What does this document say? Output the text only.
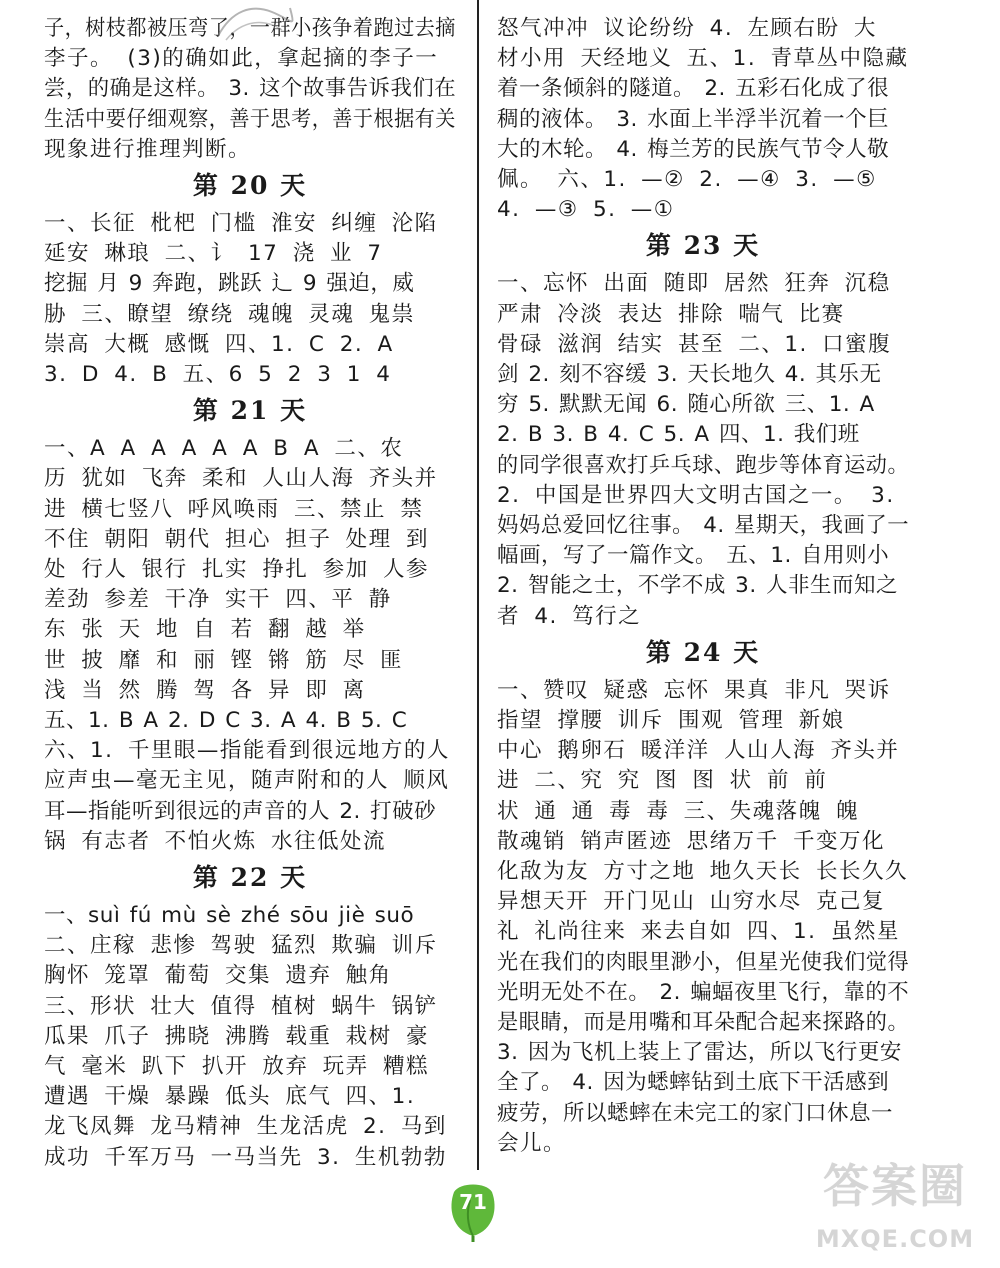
子，树枝都被压弯了，一群小孩争着跑过去摘
李子。 (3)的确如此，拿起摘的李子一
尝，的确是这样。 3. 这个故事告诉我们在
生活中要仔细观察，善于思考，善于根据有关
现象进行推理判断。
第 20 天
一、长征 枇杷 门槛 淮安 纠缠 沦陷
延安 琳琅 二、讠 17 浇 业 7
挖掘 月 9 奔跑，跳跃 辶 9 强迫，威
胁 三、瞭望 缭绕 魂魄 灵魂 鬼祟
崇高 大概 感慨 四、1. C 2. A
3. D 4. B 五、6 5 2 3 1 4
第 21 天
一、A A A A A A B A 二、农
历 犹如 飞奔 柔和 人山人海 齐头并
进 横七竖八 呼风唤雨 三、禁止 禁
不住 朝阳 朝代 担心 担子 处理 到
处 行人 银行 扎实 挣扎 参加 人参
差劲 参差 干净 实干 四、平 静
东 张 天 地 自 若 翻 越 举
世 披 靡 和 丽 铿 锵 筋 尽 匪
浅 当 然 腾 驾 各 异 即 离
五、1. B A 2. D C 3. A 4. B 5. C
六、1. 千里眼—指能看到很远地方的人
应声虫—毫无主见，随声附和的人 顺风
耳—指能听到很远的声音的人 2. 打破砂
锅 有志者 不怕火炼 水往低处流
第 22 天
一、suì fú mù sè zhé sōu jiè suō
二、庄稼 悲惨 驾驶 猛烈 欺骗 训斥
胸怀 笼罩 葡萄 交集 遗弃 触角
三、形状 壮大 值得 植树 蜗牛 锅铲
瓜果 爪子 拂晓 沸腾 载重 栽树 豪
气 毫米 趴下 扒开 放弃 玩弄 糟糕
遭遇 干燥 暴躁 低头 底气 四、1.
龙飞凤舞 龙马精神 生龙活虎 2. 马到
成功 千军万马 一马当先 3. 生机勃勃
怒气冲冲 议论纷纷 4. 左顾右盼 大
材小用 天经地义 五、1. 青草丛中隐藏
着一条倾斜的隧道。 2. 五彩石化成了很
稠的液体。 3. 水面上半浮半沉着一个巨
大的木轮。 4. 梅兰芳的民族气节令人敬
佩。 六、1. —② 2. —④ 3. —⑤
4. —③ 5. —①
第 23 天
一、忘怀 出面 随即 居然 狂奔 沉稳
严肃 冷淡 表达 排除 喘气 比赛
骨碌 滋润 结实 甚至 二、1. 口蜜腹
剑 2. 刻不容缓 3. 天长地久 4. 其乐无
穷 5. 默默无闻 6. 随心所欲 三、1. A
2. B 3. B 4. C 5. A 四、1. 我们班
的同学很喜欢打乒乓球、跑步等体育运动。
2. 中国是世界四大文明古国之一。 3.
妈妈总爱回忆往事。 4. 星期天，我画了一
幅画，写了一篇作文。 五、1. 自用则小
2. 智能之士，不学不成 3. 人非生而知之
者 4. 笃行之
第 24 天
一、赞叹 疑惑 忘怀 果真 非凡 哭诉
指望 撑腰 训斥 围观 管理 新娘
中心 鹅卵石 暖洋洋 人山人海 齐头并
进 二、究 究 图 图 状 前 前
状 通 通 毒 毒 三、失魂落魄 魄
散魂销 销声匿迹 思绪万千 千变万化
化敌为友 方寸之地 地久天长 长长久久
异想天开 开门见山 山穷水尽 克己复
礼 礼尚往来 来去自如 四、1. 虽然星
光在我们的肉眼里渺小，但星光使我们觉得
光明无处不在。 2. 蝙蝠夜里飞行，靠的不
是眼睛，而是用嘴和耳朵配合起来探路的。
3. 因为飞机上装上了雷达，所以飞行更安
全了。 4. 因为蟋蟀钻到土底下干活感到
疲劳，所以蟋蟀在未完工的家门口休息一
会儿。
71	答案圈
MXQE.COM
